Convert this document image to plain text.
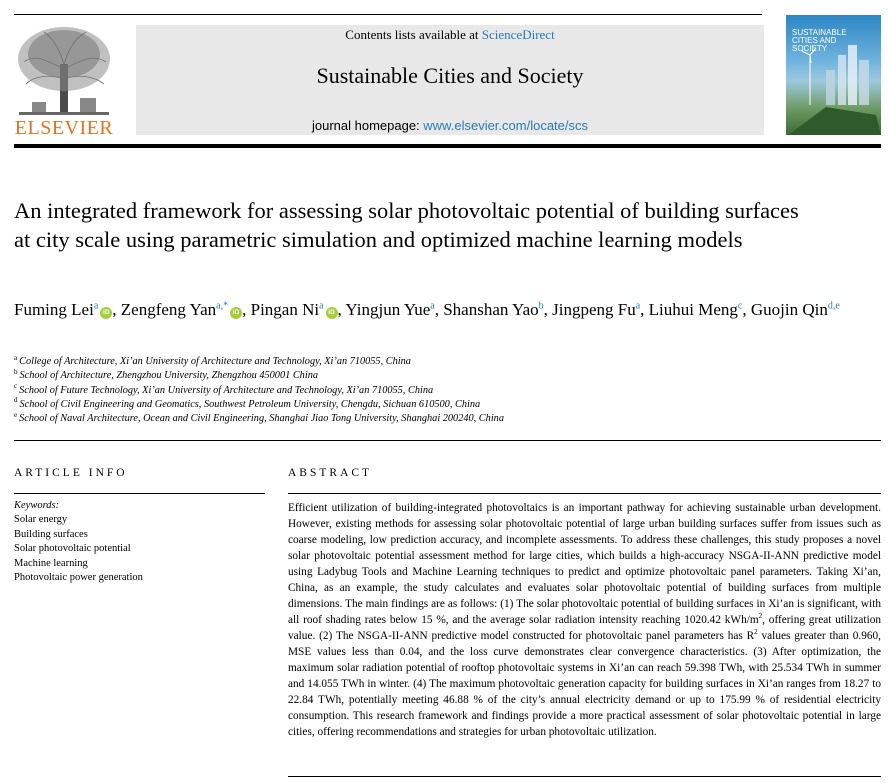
ELSEVIER
Contents lists available at ScienceDirect
Sustainable Cities and Society
journal homepage: www.elsevier.com/locate/scs
SUSTAINABLE CITIES AND SOCIETY
An integrated framework for assessing solar photovoltaic potential of building surfaces at city scale using parametric simulation and optimized machine learning models
Fuming Lei$^a$iD , Zengfeng Yan$^{a,*}$iD , Pingan Ni$^a$iD , Yingjun Yue$^a$, Shanshan Yao$^b$, Jingpeng Fu$^a$, Liuhui Meng$^c$, Guojin Qin$^{d,e}$
$^a$ College of Architecture, Xi’an University of Architecture and Technology, Xi’an 710055, China
$^b$ School of Architecture, Zhengzhou University, Zhengzhou 450001 China
$^c$ School of Future Technology, Xi’an University of Architecture and Technology, Xi’an 710055, China
$^d$ School of Civil Engineering and Geomatics, Southwest Petroleum University, Chengdu, Sichuan 610500, China
$^e$ School of Naval Architecture, Ocean and Civil Engineering, Shanghai Jiao Tong University, Shanghai 200240, China
ARTICLE INFO
Keywords:
Solar energy
Building surfaces
Solar photovoltaic potential
Machine learning
Photovoltaic power generation
ABSTRACT
Efficient utilization of building-integrated photovoltaics is an important pathway for achieving sustainable urban development. However, existing methods for assessing solar photovoltaic potential of large urban building surfaces suffer from issues such as coarse modeling, low prediction accuracy, and incomplete assessments. To address these challenges, this study proposes a novel solar photovoltaic potential assessment method for large cities, which builds a high-accuracy NSGA-II-ANN predictive model using Ladybug Tools and Machine Learning techniques to predict and optimize photovoltaic panel parameters. Taking Xi’an, China, as an example, the study calculates and evaluates solar photovoltaic potential of building surfaces from multiple dimensions. The main findings are as follows: (1) The solar photovoltaic potential of building surfaces in Xi’an is significant, with all roof shading rates below 15 %, and the average solar radiation intensity reaching 1020.42 kWh/$m^2$, offering great utilization value. (2) The NSGA-II-ANN predictive model constructed for photovoltaic panel parameters has $R^2$ values greater than 0.960, MSE values less than 0.04, and the loss curve demonstrates clear convergence characteristics. (3) After optimization, the maximum solar radiation potential of rooftop photovoltaic systems in Xi’an can reach 59.398 TWh, with 25.534 TWh in summer and 14.055 TWh in winter. (4) The maximum photovoltaic generation capacity for building surfaces in Xi’an ranges from 18.27 to 22.84 TWh, potentially meeting 46.88 % of the city’s annual electricity demand or up to 175.99 % of residential electricity consumption. This research framework and findings provide a more practical assessment of solar photovoltaic potential in large cities, offering recommendations and strategies for urban photovoltaic utilization.
